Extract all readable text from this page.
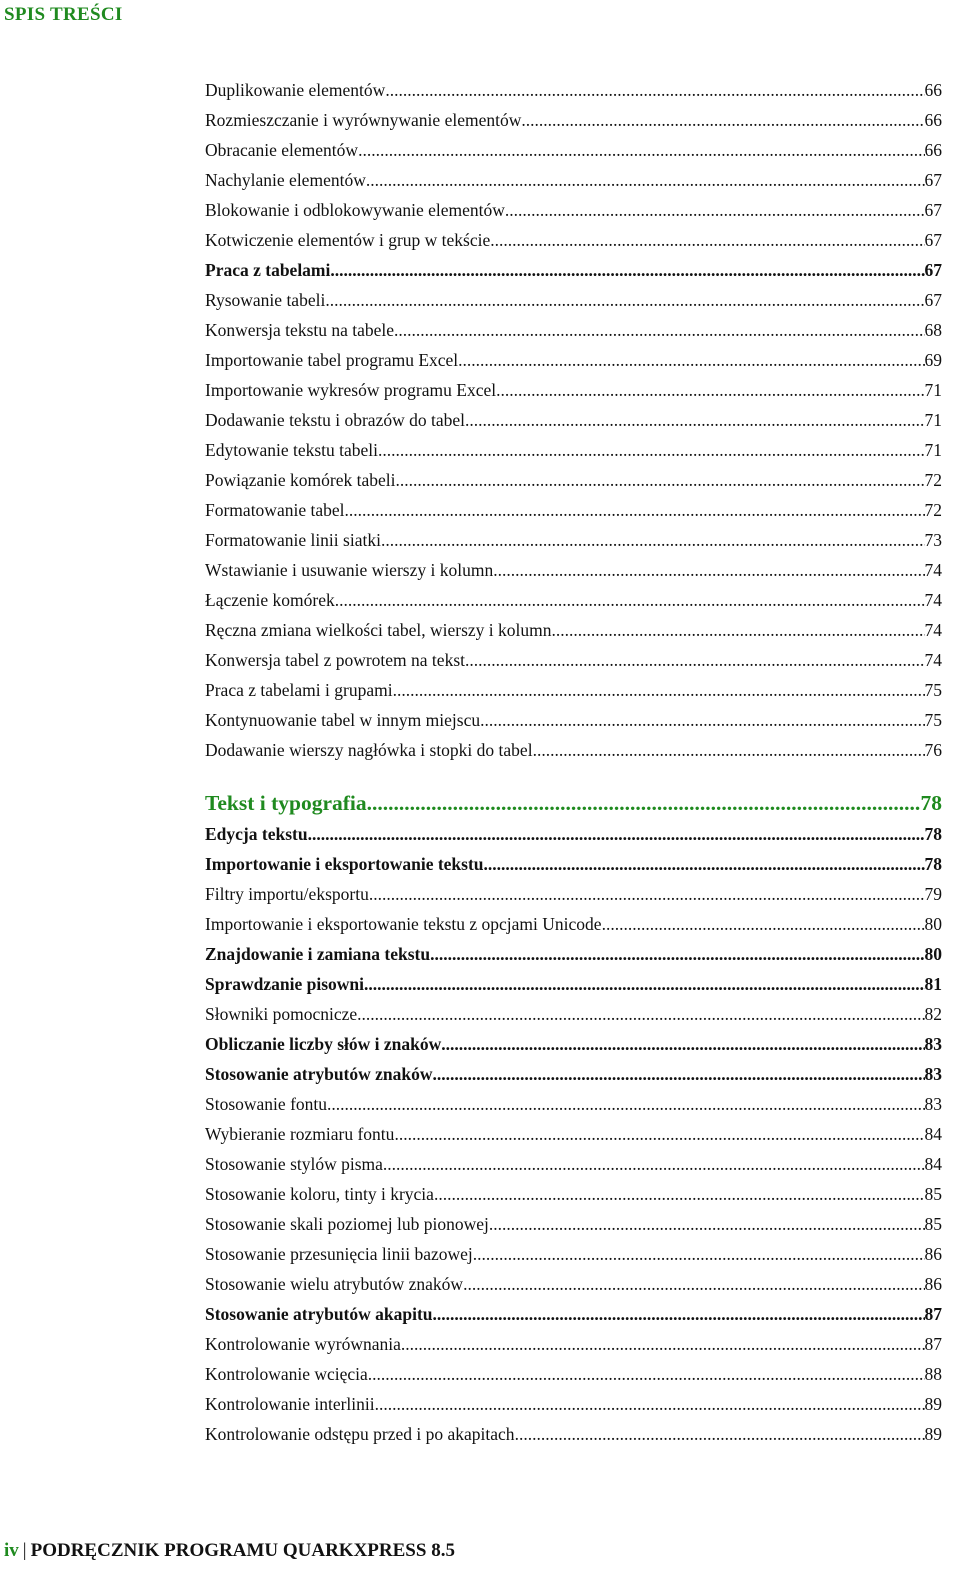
SPIS TREŚCI
Duplikowanie elementów .....	66
Rozmieszczanie i wyrównywanie elementów .....	66
Obracanie elementów .....	66
Nachylanie elementów .....	67
Blokowanie i odblokowywanie elementów .....	67
Kotwiczenie elementów i grup w tekście .....	67
Praca z tabelami .....	67
Rysowanie tabeli .....	67
Konwersja tekstu na tabele .....	68
Importowanie tabel programu Excel .....	69
Importowanie wykresów programu Excel .....	71
Dodawanie tekstu i obrazów do tabel .....	71
Edytowanie tekstu tabeli .....	71
Powiązanie komórek tabeli .....	72
Formatowanie tabel .....	72
Formatowanie linii siatki .....	73
Wstawianie i usuwanie wierszy i kolumn .....	74
Łączenie komórek .....	74
Ręczna zmiana wielkości tabel, wierszy i kolumn .....	74
Konwersja tabel z powrotem na tekst .....	74
Praca z tabelami i grupami .....	75
Kontynuowanie tabel w innym miejscu .....	75
Dodawanie wierszy nagłówka i stopki do tabel .....	76
Tekst i typografia .....	78
Edycja tekstu .....	78
Importowanie i eksportowanie tekstu .....	78
Filtry importu/eksportu .....	79
Importowanie i eksportowanie tekstu z opcjami Unicode .....	80
Znajdowanie i zamiana tekstu .....	80
Sprawdzanie pisowni .....	81
Słowniki pomocnicze .....	82
Obliczanie liczby słów i znaków .....	83
Stosowanie atrybutów znaków .....	83
Stosowanie fontu .....	83
Wybieranie rozmiaru fontu .....	84
Stosowanie stylów pisma .....	84
Stosowanie koloru, tinty i krycia .....	85
Stosowanie skali poziomej lub pionowej .....	85
Stosowanie przesunięcia linii bazowej .....	86
Stosowanie wielu atrybutów znaków .....	86
Stosowanie atrybutów akapitu .....	87
Kontrolowanie wyrównania .....	87
Kontrolowanie wcięcia .....	88
Kontrolowanie interlinii .....	89
Kontrolowanie odstępu przed i po akapitach .....	89
iv | PODRĘCZNIK PROGRAMU QUARKXPRESS 8.5
